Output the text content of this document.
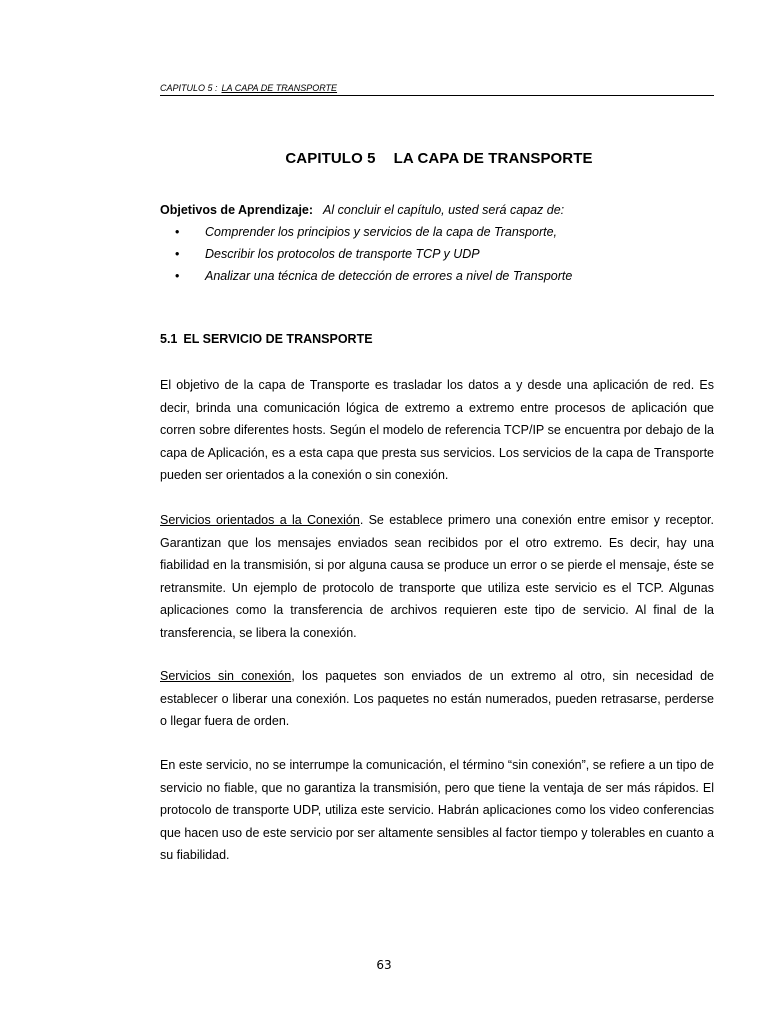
CAPITULO 5 : LA CAPA DE TRANSPORTE
CAPITULO 5 LA CAPA DE TRANSPORTE
Objetivos de Aprendizaje: Al concluir el capítulo, usted será capaz de:
• Comprender los principios y servicios de la capa de Transporte,
• Describir los protocolos de transporte TCP y UDP
• Analizar una técnica de detección de errores a nivel de Transporte
5.1 EL SERVICIO DE TRANSPORTE

El objetivo de la capa de Transporte es trasladar los datos a y desde una aplicación de red. Es decir, brinda una comunicación lógica de extremo a extremo entre procesos de aplicación que corren sobre diferentes hosts. Según el modelo de referencia TCP/IP se encuentra por debajo de la capa de Aplicación, es a esta capa que presta sus servicios. Los servicios de la capa de Transporte pueden ser orientados a la conexión o sin conexión.

Servicios orientados a la Conexión. Se establece primero una conexión entre emisor y receptor. Garantizan que los mensajes enviados sean recibidos por el otro extremo. Es decir, hay una fiabilidad en la transmisión, si por alguna causa se produce un error o se pierde el mensaje, éste se retransmite. Un ejemplo de protocolo de transporte que utiliza este servicio es el TCP. Algunas aplicaciones como la transferencia de archivos requieren este tipo de servicio. Al final de la transferencia, se libera la conexión.

Servicios sin conexión, los paquetes son enviados de un extremo al otro, sin necesidad de establecer o liberar una conexión. Los paquetes no están numerados, pueden retrasarse, perderse o llegar fuera de orden.

En este servicio, no se interrumpe la comunicación, el término “sin conexión”, se refiere a un tipo de servicio no fiable, que no garantiza la transmisión, pero que tiene la ventaja de ser más rápidos. El protocolo de transporte UDP, utiliza este servicio. Habrán aplicaciones como los video conferencias que hacen uso de este servicio por ser altamente sensibles al factor tiempo y tolerables en cuanto a su fiabilidad.

63
